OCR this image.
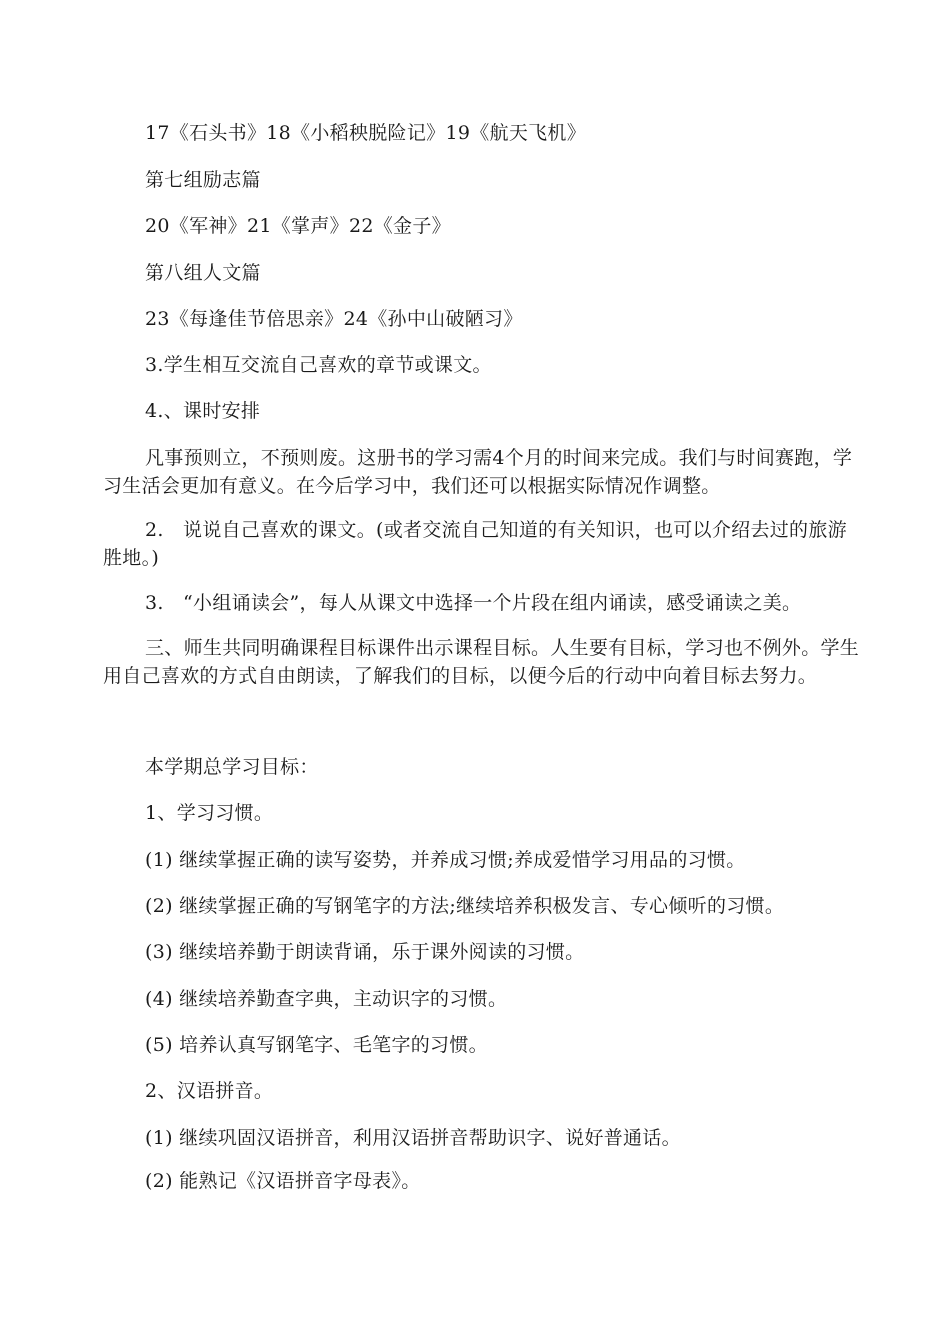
17《石头书》18《小稻秧脱险记》19《航天飞机》
第七组励志篇
20《军神》21《掌声》22《金子》
第八组人文篇
23《每逢佳节倍思亲》24《孙中山破陋习》
3.学生相互交流自己喜欢的章节或课文。
4.、课时安排
凡事预则立，不预则废。这册书的学习需4个月的时间来完成。我们与时间赛跑，学习生活会更加有意义。在今后学习中，我们还可以根据实际情况作调整。
2.　说说自己喜欢的课文。(或者交流自己知道的有关知识，也可以介绍去过的旅游胜地。)
3.　“小组诵读会”，每人从课文中选择一个片段在组内诵读，感受诵读之美。
三、师生共同明确课程目标课件出示课程目标。人生要有目标，学习也不例外。学生用自己喜欢的方式自由朗读，了解我们的目标，以便今后的行动中向着目标去努力。
本学期总学习目标：
1、学习习惯。
(1) 继续掌握正确的读写姿势，并养成习惯;养成爱惜学习用品的习惯。
(2) 继续掌握正确的写钢笔字的方法;继续培养积极发言、专心倾听的习惯。
(3) 继续培养勤于朗读背诵，乐于课外阅读的习惯。
(4) 继续培养勤查字典，主动识字的习惯。
(5) 培养认真写钢笔字、毛笔字的习惯。
2、汉语拼音。
(1) 继续巩固汉语拼音，利用汉语拼音帮助识字、说好普通话。
(2) 能熟记《汉语拼音字母表》。
